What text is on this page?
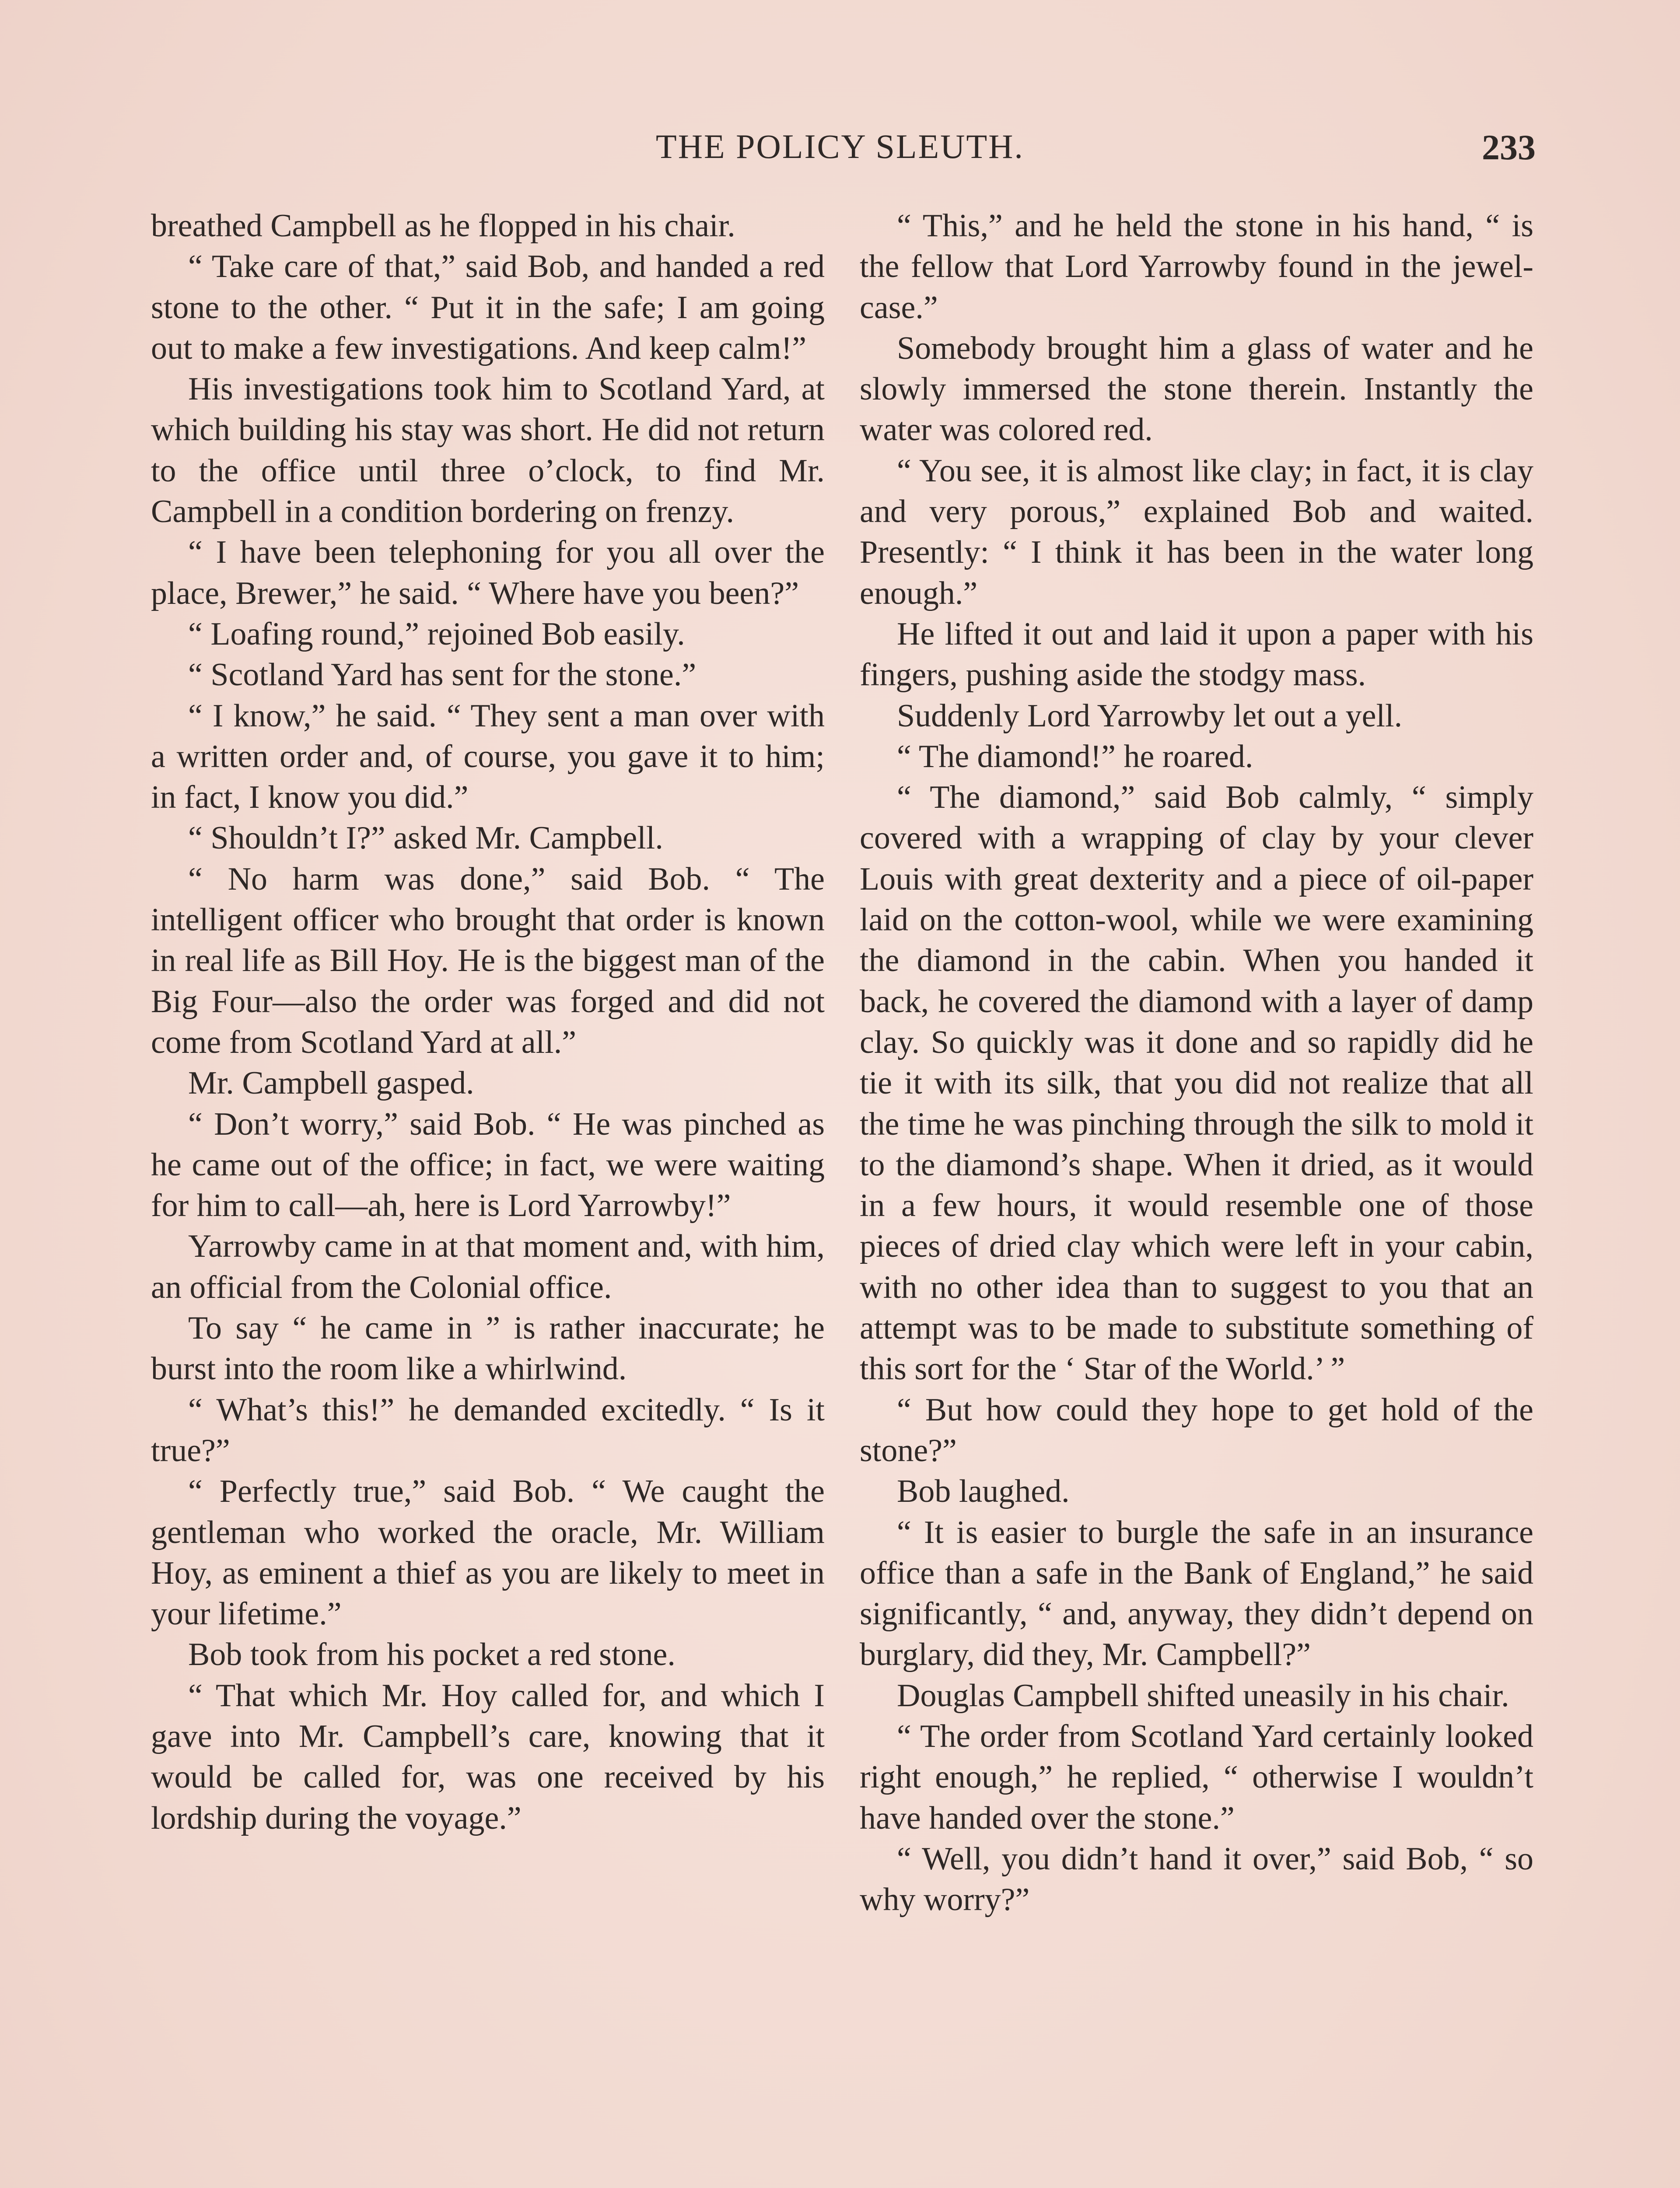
THE POLICY SLEUTH.	233

breathed Campbell as he flopped in his chair.

“ Take care of that,” said Bob, and handed a red stone to the other. “ Put it in the safe; I am going out to make a few investigations. And keep calm!”

His investigations took him to Scotland Yard, at which building his stay was short. He did not return to the office until three o’clock, to find Mr. Campbell in a condition bordering on frenzy.

“ I have been telephoning for you all over the place, Brewer,” he said. “ Where have you been?”

“ Loafing round,” rejoined Bob easily.

“ Scotland Yard has sent for the stone.”

“ I know,” he said. “ They sent a man over with a written order and, of course, you gave it to him; in fact, I know you did.”

“ Shouldn’t I?” asked Mr. Campbell.

“ No harm was done,” said Bob. “ The intelligent officer who brought that order is known in real life as Bill Hoy. He is the biggest man of the Big Four—also the order was forged and did not come from Scotland Yard at all.”

Mr. Campbell gasped.

“ Don’t worry,” said Bob. “ He was pinched as he came out of the office; in fact, we were waiting for him to call—ah, here is Lord Yarrowby!”

Yarrowby came in at that moment and, with him, an official from the Colonial office.

To say “ he came in ” is rather inaccurate; he burst into the room like a whirlwind.

“ What’s this!” he demanded excitedly. “ Is it true?”

“ Perfectly true,” said Bob. “ We caught the gentleman who worked the oracle, Mr. William Hoy, as eminent a thief as you are likely to meet in your lifetime.”

Bob took from his pocket a red stone.

“ That which Mr. Hoy called for, and which I gave into Mr. Campbell’s care, knowing that it would be called for, was one received by his lordship during the voyage.”

“ This,” and he held the stone in his hand, “ is the fellow that Lord Yarrowby found in the jewel-case.”

Somebody brought him a glass of water and he slowly immersed the stone therein. Instantly the water was colored red.

“ You see, it is almost like clay; in fact, it is clay and very porous,” explained Bob and waited. Presently: “ I think it has been in the water long enough.”

He lifted it out and laid it upon a paper with his fingers, pushing aside the stodgy mass.

Suddenly Lord Yarrowby let out a yell.

“ The diamond!” he roared.

“ The diamond,” said Bob calmly, “ simply covered with a wrapping of clay by your clever Louis with great dexterity and a piece of oil-paper laid on the cotton-wool, while we were examining the diamond in the cabin. When you handed it back, he covered the diamond with a layer of damp clay. So quickly was it done and so rapidly did he tie it with its silk, that you did not realize that all the time he was pinching through the silk to mold it to the diamond’s shape. When it dried, as it would in a few hours, it would resemble one of those pieces of dried clay which were left in your cabin, with no other idea than to suggest to you that an attempt was to be made to substitute something of this sort for the ‘ Star of the World.’ ”

“ But how could they hope to get hold of the stone?”

Bob laughed.

“ It is easier to burgle the safe in an insurance office than a safe in the Bank of England,” he said significantly, “ and, anyway, they didn’t depend on burglary, did they, Mr. Campbell?”

Douglas Campbell shifted uneasily in his chair.

“ The order from Scotland Yard certainly looked right enough,” he replied, “ otherwise I wouldn’t have handed over the stone.”

“ Well, you didn’t hand it over,” said Bob, “ so why worry?”
